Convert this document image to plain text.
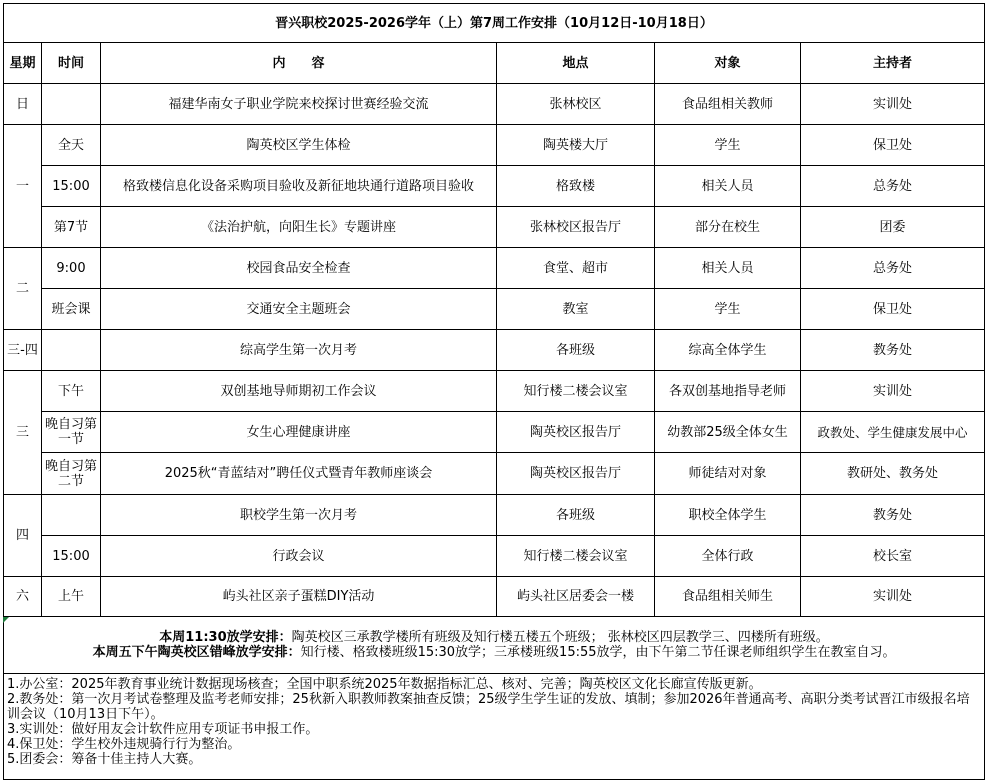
晋兴职校2025-2026学年（上）第7周工作安排（10月12日-10月18日）					
星期	时间	内　　容	地点	对象	主持者
日		福建华南女子职业学院来校探讨世赛经验交流	张林校区	食品组相关教师	实训处
一	全天	陶英校区学生体检	陶英楼大厅	学生	保卫处
	15:00	格致楼信息化设备采购项目验收及新征地块通行道路项目验收	格致楼	相关人员	总务处
	第7节	《法治护航，向阳生长》专题讲座	张林校区报告厅	部分在校生	团委
二	9:00	校园食品安全检查	食堂、超市	相关人员	总务处
	班会课	交通安全主题班会	教室	学生	保卫处
三-四		综高学生第一次月考	各班级	综高全体学生	教务处
三	下午	双创基地导师期初工作会议	知行楼二楼会议室	各双创基地指导老师	实训处
	晚自习第一节	女生心理健康讲座	陶英校区报告厅	幼教部25级全体女生	政教处、学生健康发展中心
	晚自习第二节	2025秋“青蓝结对”聘任仪式暨青年教师座谈会	陶英校区报告厅	师徒结对对象	教研处、教务处
四		职校学生第一次月考	各班级	职校全体学生	教务处
	15:00	行政会议	知行楼二楼会议室	全体行政	校长室
六	上午	屿头社区亲子蛋糕DIY活动	屿头社区居委会一楼	食品组相关师生	实训处

本周11:30放学安排：陶英校区三承教学楼所有班级及知行楼五楼五个班级； 张林校区四层教学三、四楼所有班级。
本周五下午陶英校区错峰放学安排：知行楼、格致楼班级15:30放学；三承楼班级15:55放学，由下午第二节任课老师组织学生在教室自习。					

1.办公室：2025年教育事业统计数据现场核查；全国中职系统2025年数据指标汇总、核对、完善；陶英校区文化长廊宣传版更新。
2.教务处：第一次月考试卷整理及监考老师安排；25秋新入职教师教案抽查反馈；25级学生学生证的发放、填制；参加2026年普通高考、高职分类考试晋江市级报名培训会议（10月13日下午）。
3.实训处：做好用友会计软件应用专项证书申报工作。
4.保卫处：学生校外违规骑行行为整治。
5.团委会：筹备十佳主持人大赛。					
